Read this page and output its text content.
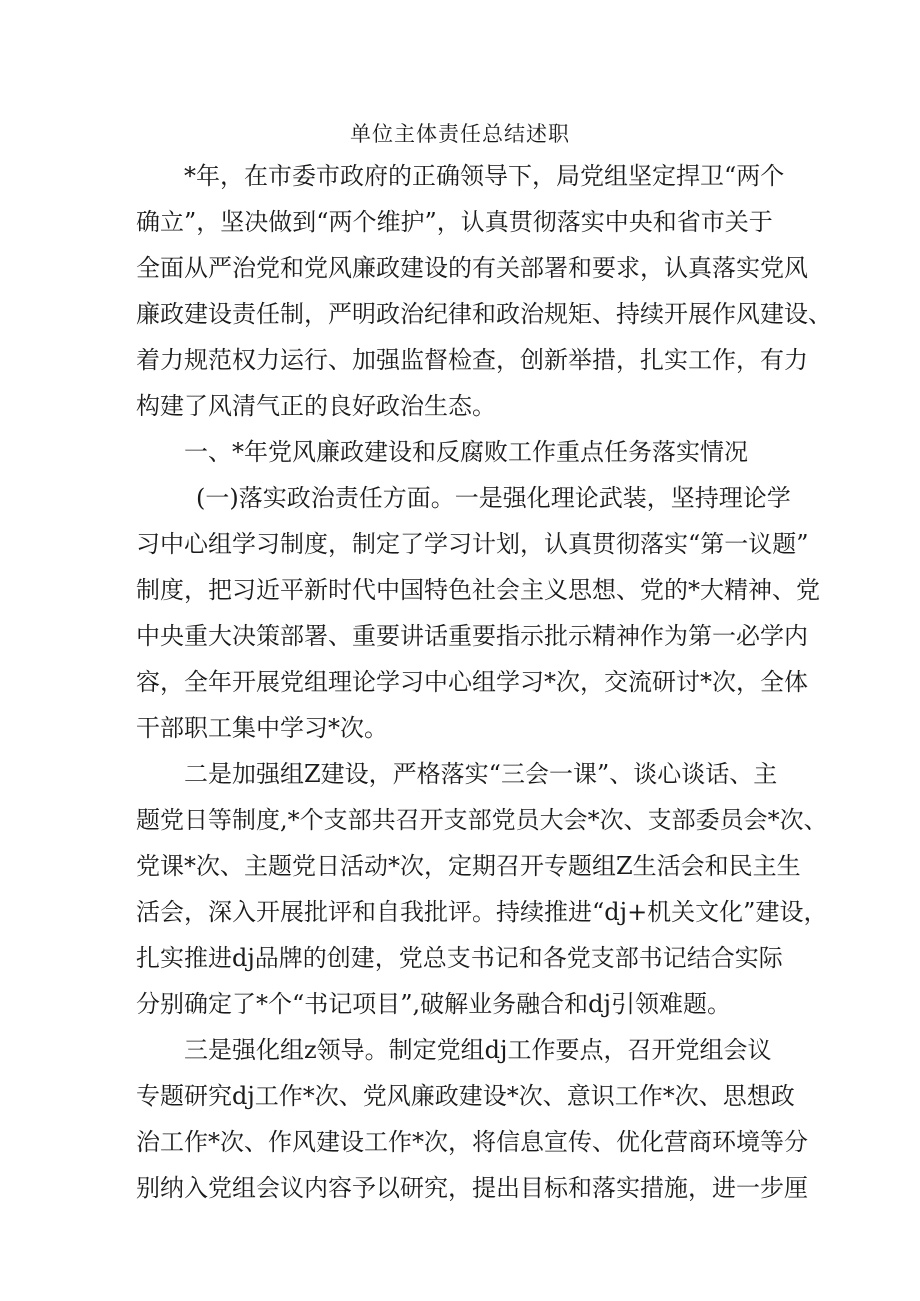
单位主体责任总结述职
*年，在市委市政府的正确领导下，局党组坚定捍卫“两个
确立”，坚决做到“两个维护”，认真贯彻落实中央和省市关于
全面从严治党和党风廉政建设的有关部署和要求，认真落实党风
廉政建设责任制，严明政治纪律和政治规矩、持续开展作风建设、
着力规范权力运行、加强监督检查，创新举措，扎实工作，有力
构建了风清气正的良好政治生态。
一、*年党风廉政建设和反腐败工作重点任务落实情况
(一)落实政治责任方面。一是强化理论武装，坚持理论学
习中心组学习制度，制定了学习计划，认真贯彻落实“第一议题”
制度，把习近平新时代中国特色社会主义思想、党的*大精神、党
中央重大决策部署、重要讲话重要指示批示精神作为第一必学内
容，全年开展党组理论学习中心组学习*次，交流研讨*次，全体
干部职工集中学习*次。
二是加强组Z建设，严格落实“三会一课”、谈心谈话、主
题党日等制度,*个支部共召开支部党员大会*次、支部委员会*次、
党课*次、主题党日活动*次，定期召开专题组Z生活会和民主生
活会，深入开展批评和自我批评。持续推进“dj+机关文化”建设，
扎实推进dj品牌的创建，党总支书记和各党支部书记结合实际
分别确定了*个“书记项目”,破解业务融合和dj引领难题。
三是强化组z领导。制定党组dj工作要点，召开党组会议
专题研究dj工作*次、党风廉政建设*次、意识工作*次、思想政
治工作*次、作风建设工作*次，将信息宣传、优化营商环境等分
别纳入党组会议内容予以研究，提出目标和落实措施，进一步厘
